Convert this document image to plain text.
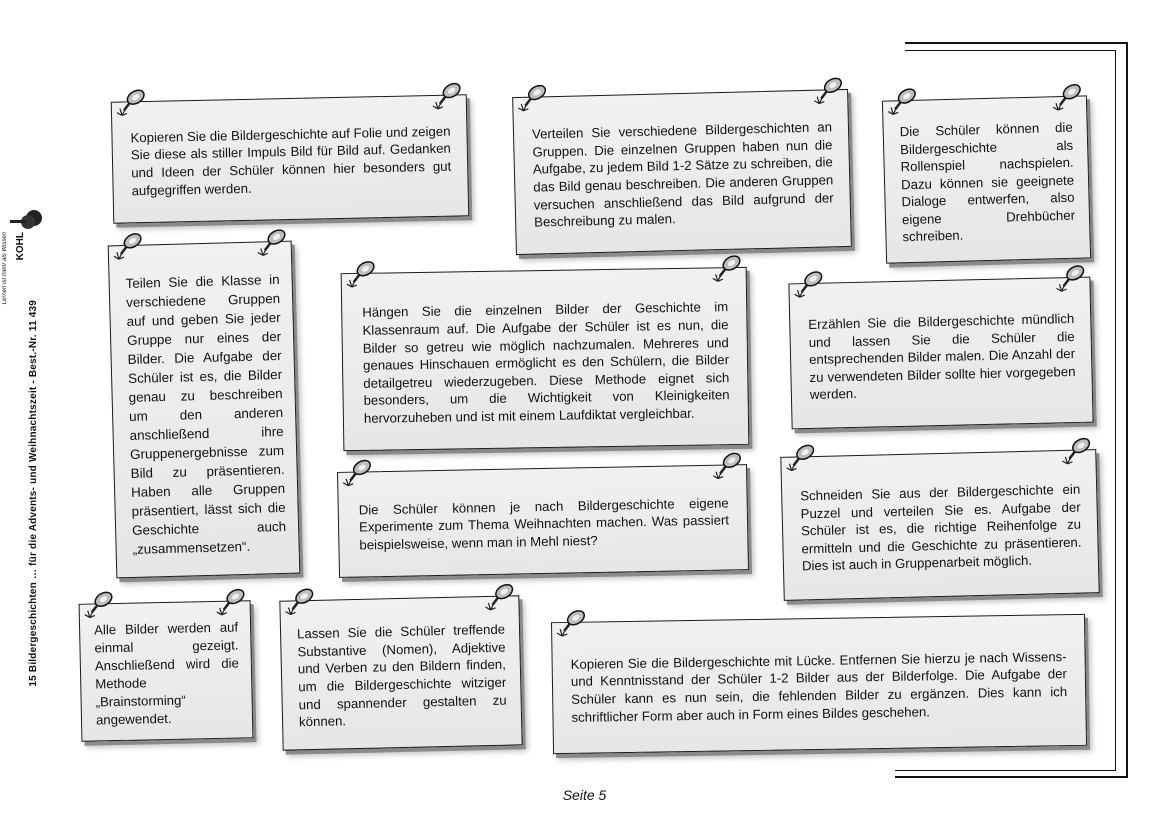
KOHL
Lernen ist mehr als Wissen
15 Bildergeschichten … für die Advents- und Weihnachtszeit - Best.-Nr. 11 439

Kopieren Sie die Bildergeschichte auf Folie und zeigen Sie diese als stiller Impuls Bild für Bild auf. Gedanken und Ideen der Schüler können hier besonders gut aufgegriffen werden.

Verteilen Sie verschiedene Bildergeschichten an Gruppen. Die einzelnen Gruppen haben nun die Aufgabe, zu jedem Bild 1-2 Sätze zu schreiben, die das Bild genau beschreiben. Die anderen Gruppen versuchen anschließend das Bild aufgrund der Beschreibung zu malen.

Die Schüler können die Bildergeschichte als Rollenspiel nachspielen. Dazu können sie geeignete Dialoge entwerfen, also eigene Drehbücher schreiben.

Teilen Sie die Klasse in verschiedene Gruppen auf und geben Sie jeder Gruppe nur eines der Bilder. Die Aufgabe der Schüler ist es, die Bilder genau zu beschreiben um den anderen anschließend ihre Gruppenergebnisse zum Bild zu präsentieren. Haben alle Gruppen präsentiert, lässt sich die Geschichte auch „zusammensetzen“.

Hängen Sie die einzelnen Bilder der Geschichte im Klassenraum auf. Die Aufgabe der Schüler ist es nun, die Bilder so getreu wie möglich nachzumalen. Mehreres und genaues Hinschauen ermöglicht es den Schülern, die Bilder detailgetreu wiederzugeben. Diese Methode eignet sich besonders, um die Wichtigkeit von Kleinigkeiten hervorzuheben und ist mit einem Laufdiktat vergleichbar.

Erzählen Sie die Bildergeschichte mündlich und lassen Sie die Schüler die entsprechenden Bilder malen. Die Anzahl der zu verwendeten Bilder sollte hier vorgegeben werden.

Die Schüler können je nach Bildergeschichte eigene Experimente zum Thema Weihnachten machen. Was passiert beispielsweise, wenn man in Mehl niest?

Schneiden Sie aus der Bildergeschichte ein Puzzel und verteilen Sie es. Aufgabe der Schüler ist es, die richtige Reihenfolge zu ermitteln und die Geschichte zu präsentieren. Dies ist auch in Gruppenarbeit möglich.

Alle Bilder werden auf einmal gezeigt. Anschließend wird die Methode „Brainstorming“ angewendet.

Lassen Sie die Schüler treffende Substantive (Nomen), Adjektive und Verben zu den Bildern finden, um die Bildergeschichte witziger und spannender gestalten zu können.

Kopieren Sie die Bildergeschichte mit Lücke. Entfernen Sie hierzu je nach Wissens- und Kenntnisstand der Schüler 1-2 Bilder aus der Bilderfolge. Die Aufgabe der Schüler kann es nun sein, die fehlenden Bilder zu ergänzen. Dies kann ich schriftlicher Form aber auch in Form eines Bildes geschehen.

Seite 5
